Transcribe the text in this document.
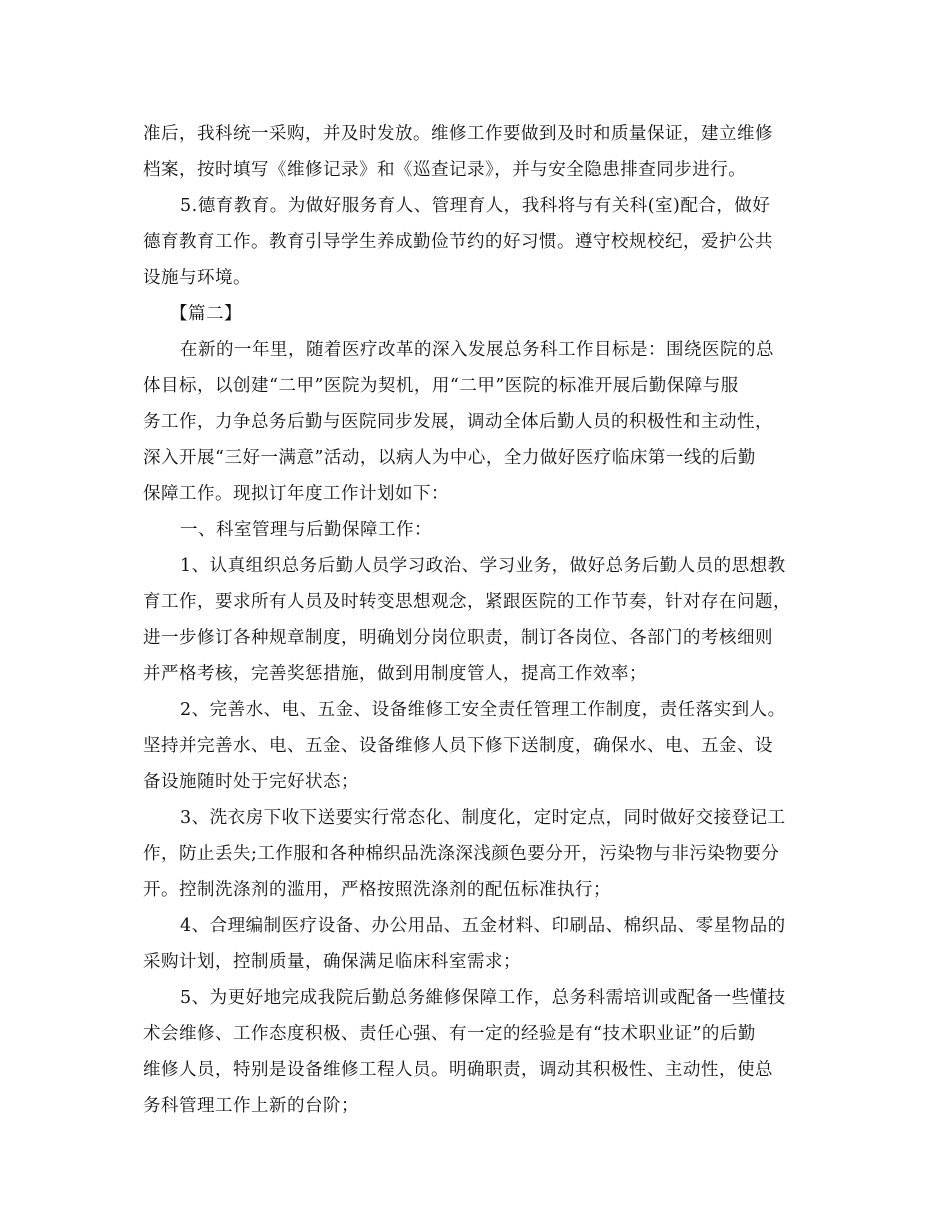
准后，我科统一采购，并及时发放。维修工作要做到及时和质量保证，建立维修
档案，按时填写《维修记录》和《巡查记录》，并与安全隐患排查同步进行。
5.德育教育。为做好服务育人、管理育人，我科将与有关科(室)配合，做好
德育教育工作。教育引导学生养成勤俭节约的好习惯。遵守校规校纪，爱护公共
设施与环境。
【篇二】
在新的一年里，随着医疗改革的深入发展总务科工作目标是：围绕医院的总
体目标，以创建“二甲”医院为契机，用“二甲”医院的标准开展后勤保障与服
务工作，力争总务后勤与医院同步发展，调动全体后勤人员的积极性和主动性，
深入开展“三好一满意”活动，以病人为中心，全力做好医疗临床第一线的后勤
保障工作。现拟订年度工作计划如下：
一、科室管理与后勤保障工作：
1、认真组织总务后勤人员学习政治、学习业务，做好总务后勤人员的思想教
育工作，要求所有人员及时转变思想观念，紧跟医院的工作节奏，针对存在问题，
进一步修订各种规章制度，明确划分岗位职责，制订各岗位、各部门的考核细则
并严格考核，完善奖惩措施，做到用制度管人，提高工作效率；
2、完善水、电、五金、设备维修工安全责任管理工作制度，责任落实到人。
坚持并完善水、电、五金、设备维修人员下修下送制度，确保水、电、五金、设
备设施随时处于完好状态；
3、洗衣房下收下送要实行常态化、制度化，定时定点，同时做好交接登记工
作，防止丢失;工作服和各种棉织品洗涤深浅颜色要分开，污染物与非污染物要分
开。控制洗涤剂的滥用，严格按照洗涤剂的配伍标准执行；
4、合理编制医疗设备、办公用品、五金材料、印刷品、棉织品、零星物品的
采购计划，控制质量，确保满足临床科室需求；
5、为更好地完成我院后勤总务維修保障工作，总务科需培训或配备一些懂技
术会维修、工作态度积极、责任心强、有一定的经验是有“技术职业证”的后勤
维修人员，特别是设备维修工程人员。明确职责，调动其积极性、主动性，使总
务科管理工作上新的台阶；
